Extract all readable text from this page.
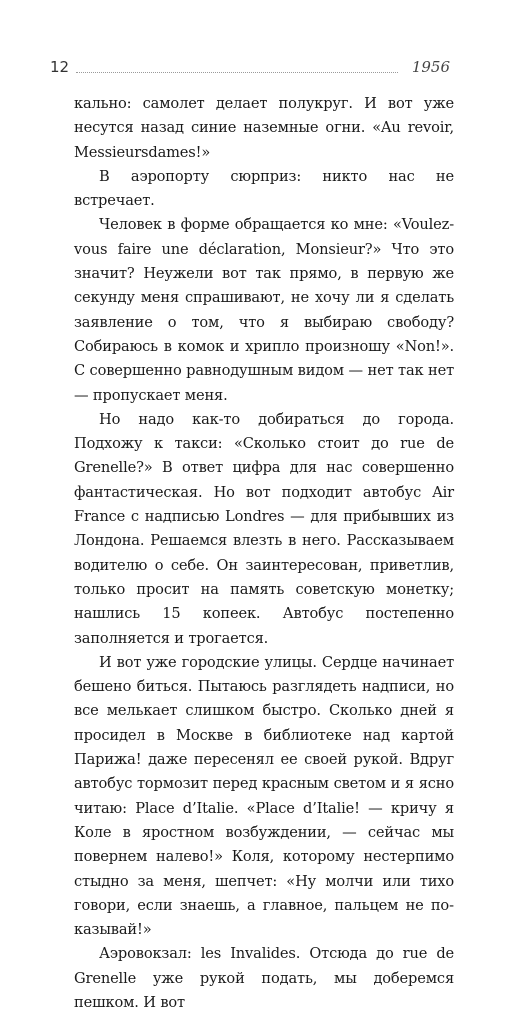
12	1956

кально: самолет делает полукруг. И вот уже несутся назад синие наземные огни. «Au revoir, Messieursdames!»

В аэропорту сюрприз: никто нас не встречает.

Человек в форме обращается ко мне: «Voulez-vous faire une déclaration, Monsieur?» Что это значит? Неужели вот так прямо, в первую же секунду меня спрашивают, не хочу ли я сделать заявление о том, что я выбираю свободу? Собираюсь в комок и хрипло произношу «Non!». С совершенно равнодушным видом — нет так нет — пропускает меня.

Но надо как-то добираться до города. Подхожу к такси: «Сколько стоит до rue de Grenelle?» В ответ цифра для нас совершенно фантастическая. Но вот подходит автобус Air France с надписью Londres — для прибывших из Лондона. Решаемся влезть в него. Рассказываем водителю о себе. Он заинтересован, приветлив, только просит на память советскую монетку; нашлись 15 копеек. Автобус постепенно заполняется и трогается.

И вот уже городские улицы. Сердце начинает бешено биться. Пытаюсь разглядеть надписи, но все мелькает слишком быстро. Сколько дней я просидел в Москве в библиотеке над картой Парижа! даже пересенял ее своей рукой. Вдруг автобус тормозит перед красным светом и я ясно читаю: Place d’Italie. «Place d’Italie! — кричу я Коле в яростном возбуждении, — сейчас мы повернем налево!» Коля, которому нестерпимо стыдно за меня, шепчет: «Ну молчи или тихо говори, если знаешь, а главное, пальцем не показывай!»

Аэровокзал: les Invalides. Отсюда до rue de Grenelle уже рукой подать, мы доберемся пешком. И вот
